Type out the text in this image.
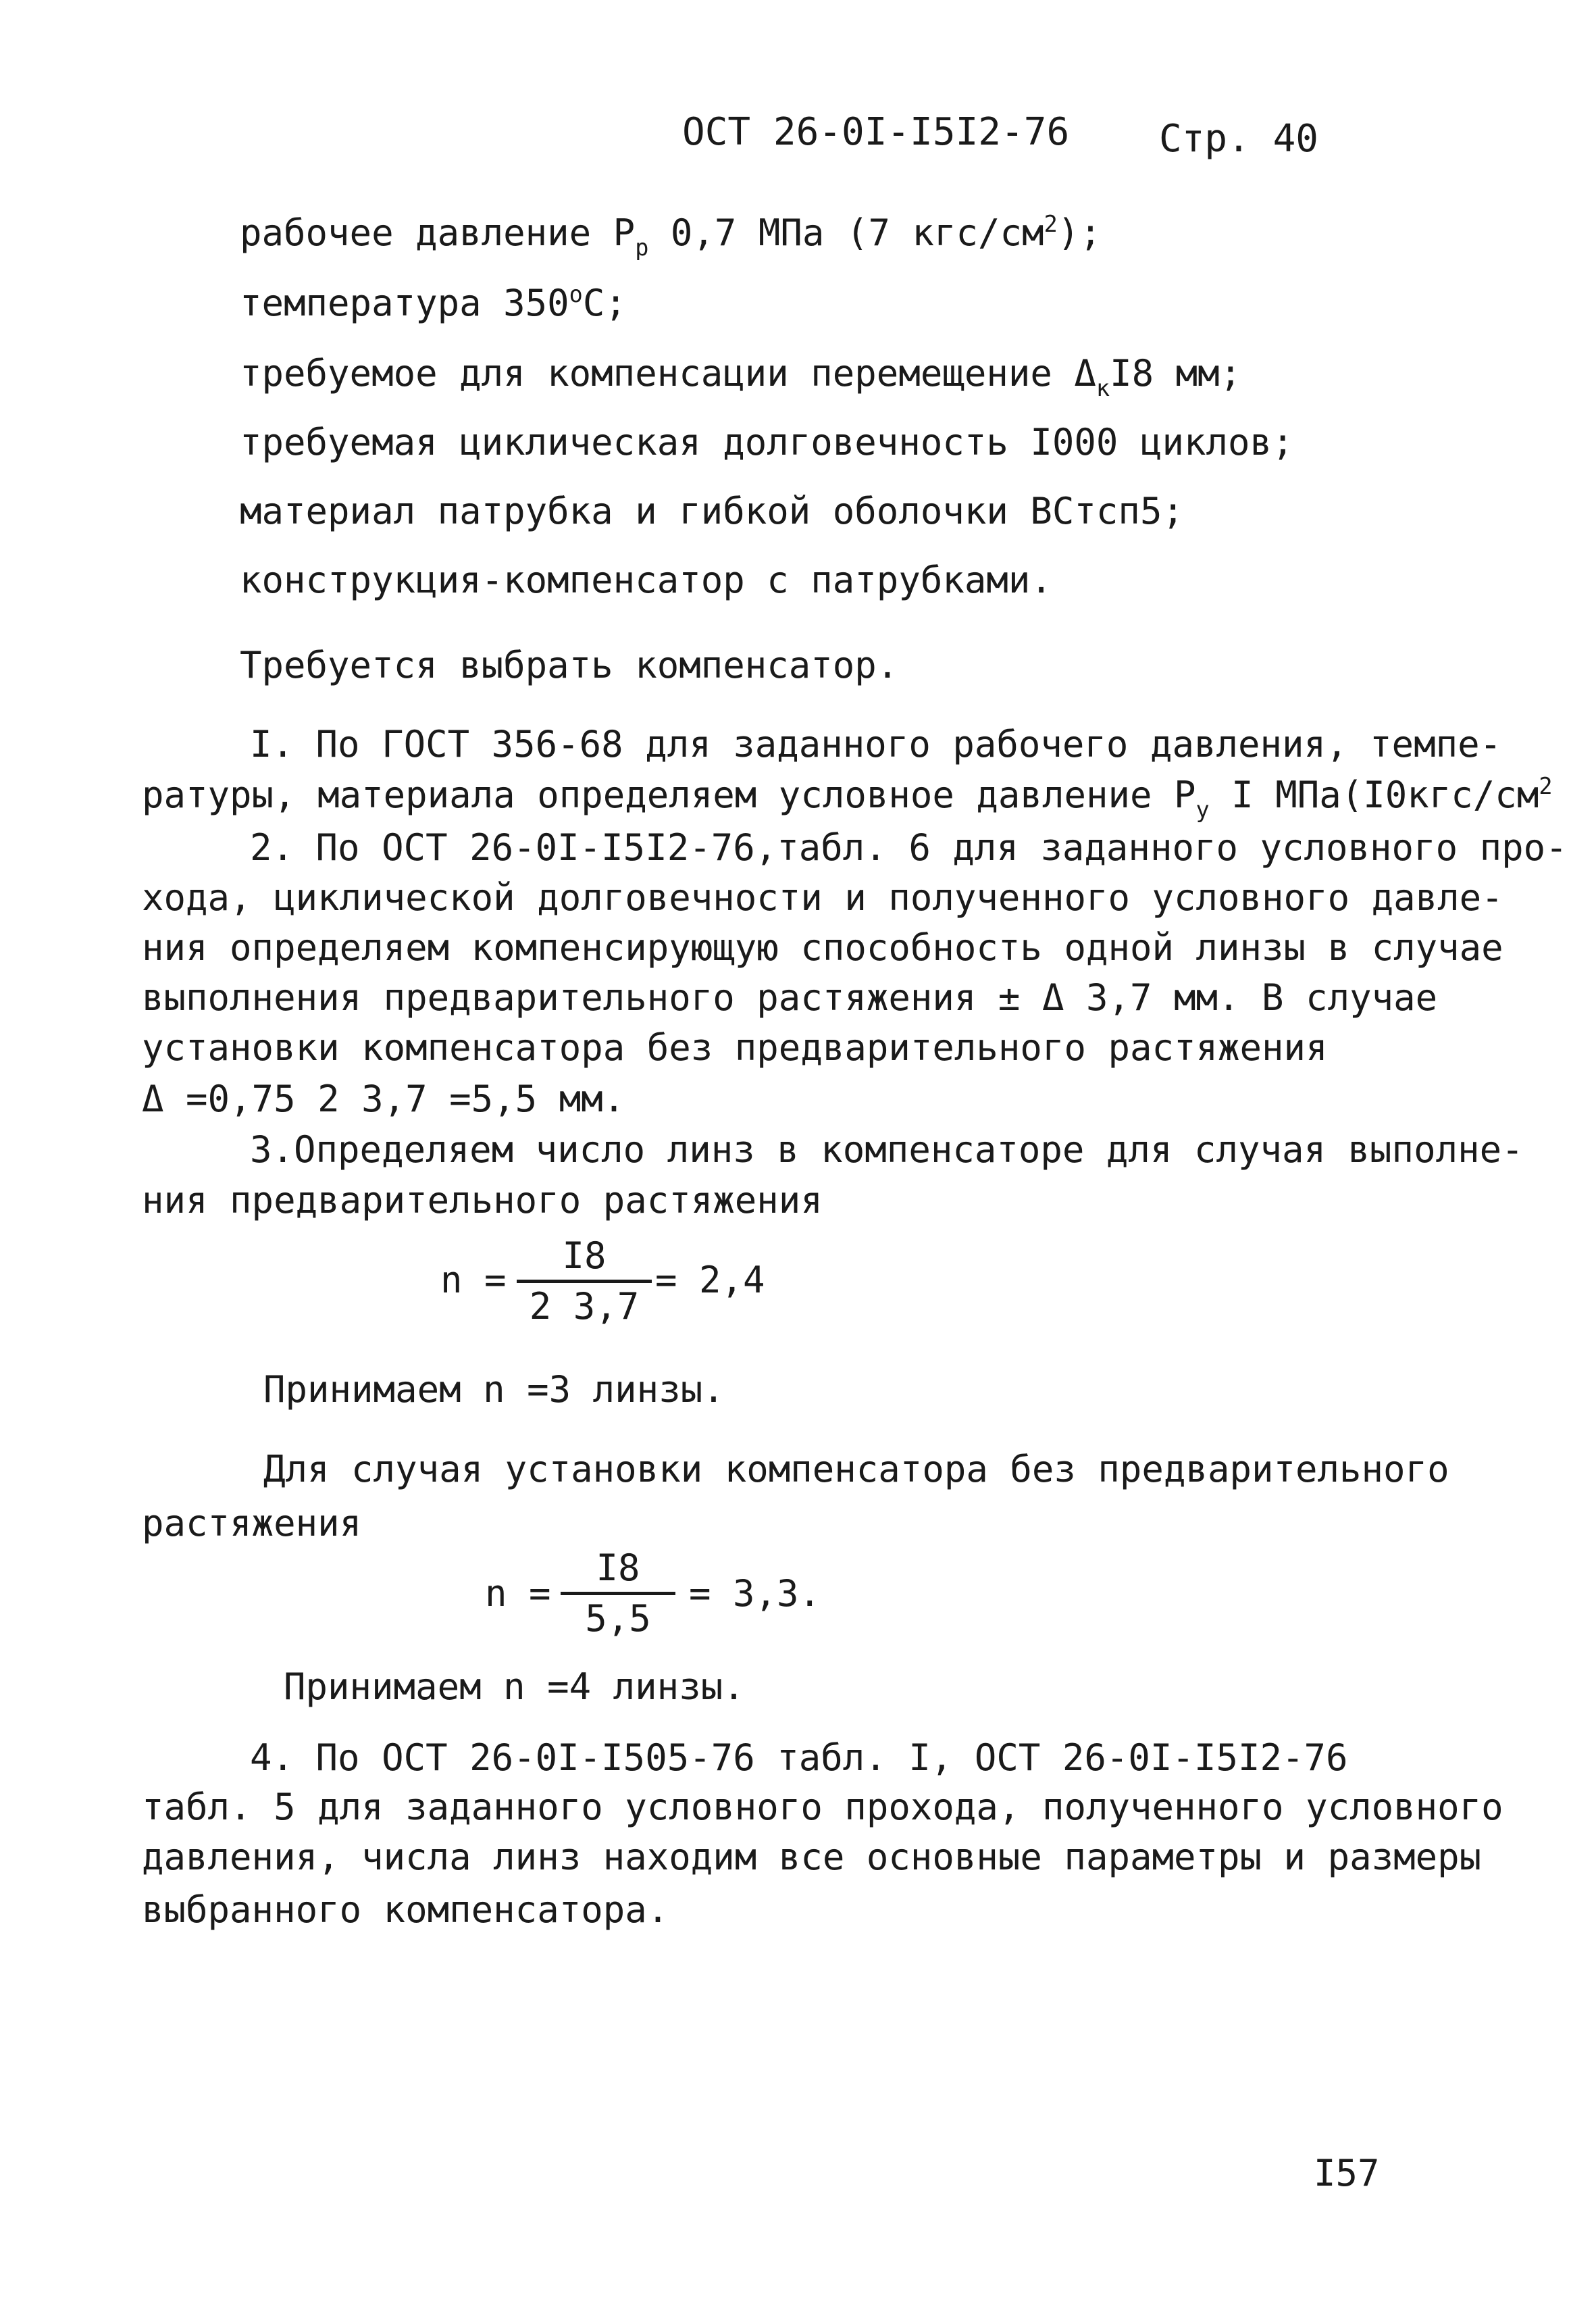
ОСТ 26-0I-I5I2-76 Стр. 40
рабочее давление $P_р$ 0,7 МПа (7 кгс/$см^2$);
температура $350^оС$;
требуемое для компенсации перемещение $\Delta_кI8$ мм;
требуемая циклическая долговечность I000 циклов;
материал патрубка и гибкой оболочки ВСтсп5;
конструкция-компенсатор с патрубками.
Требуется выбрать компенсатор.
I. По ГОСТ 356-68 для заданного рабочего давления, темпе-
ратуры, материала определяем условное давление $P_у$ I $МПа(I0кгс/см^2$
2. По ОСТ 26-0I-I5I2-76,табл. 6 для заданного условного про-
хода, циклической долговечности и полученного условного давле-
ния определяем компенсирующую способность одной линзы в случае
выполнения предварительного растяжения ± Δ 3,7 мм. В случае
установки компенсатора без предварительного растяжения
Δ =0,75 2 3,7 =5,5 мм.
3.Определяем число линз в компенсаторе для случая выполне-
ния предварительного растяжения
n =
I8
2 3,7
= 2,4
Принимаем n =3 линзы.
Для случая установки компенсатора без предварительного
растяжения
n =
I8
5,5
= 3,3.
Принимаем n =4 линзы.
4. По ОСТ 26-0I-I505-76 табл. I, ОСТ 26-0I-I5I2-76
табл. 5 для заданного условного прохода, полученного условного
давления, числа линз находим все основные параметры и размеры
выбранного компенсатора.
I57
